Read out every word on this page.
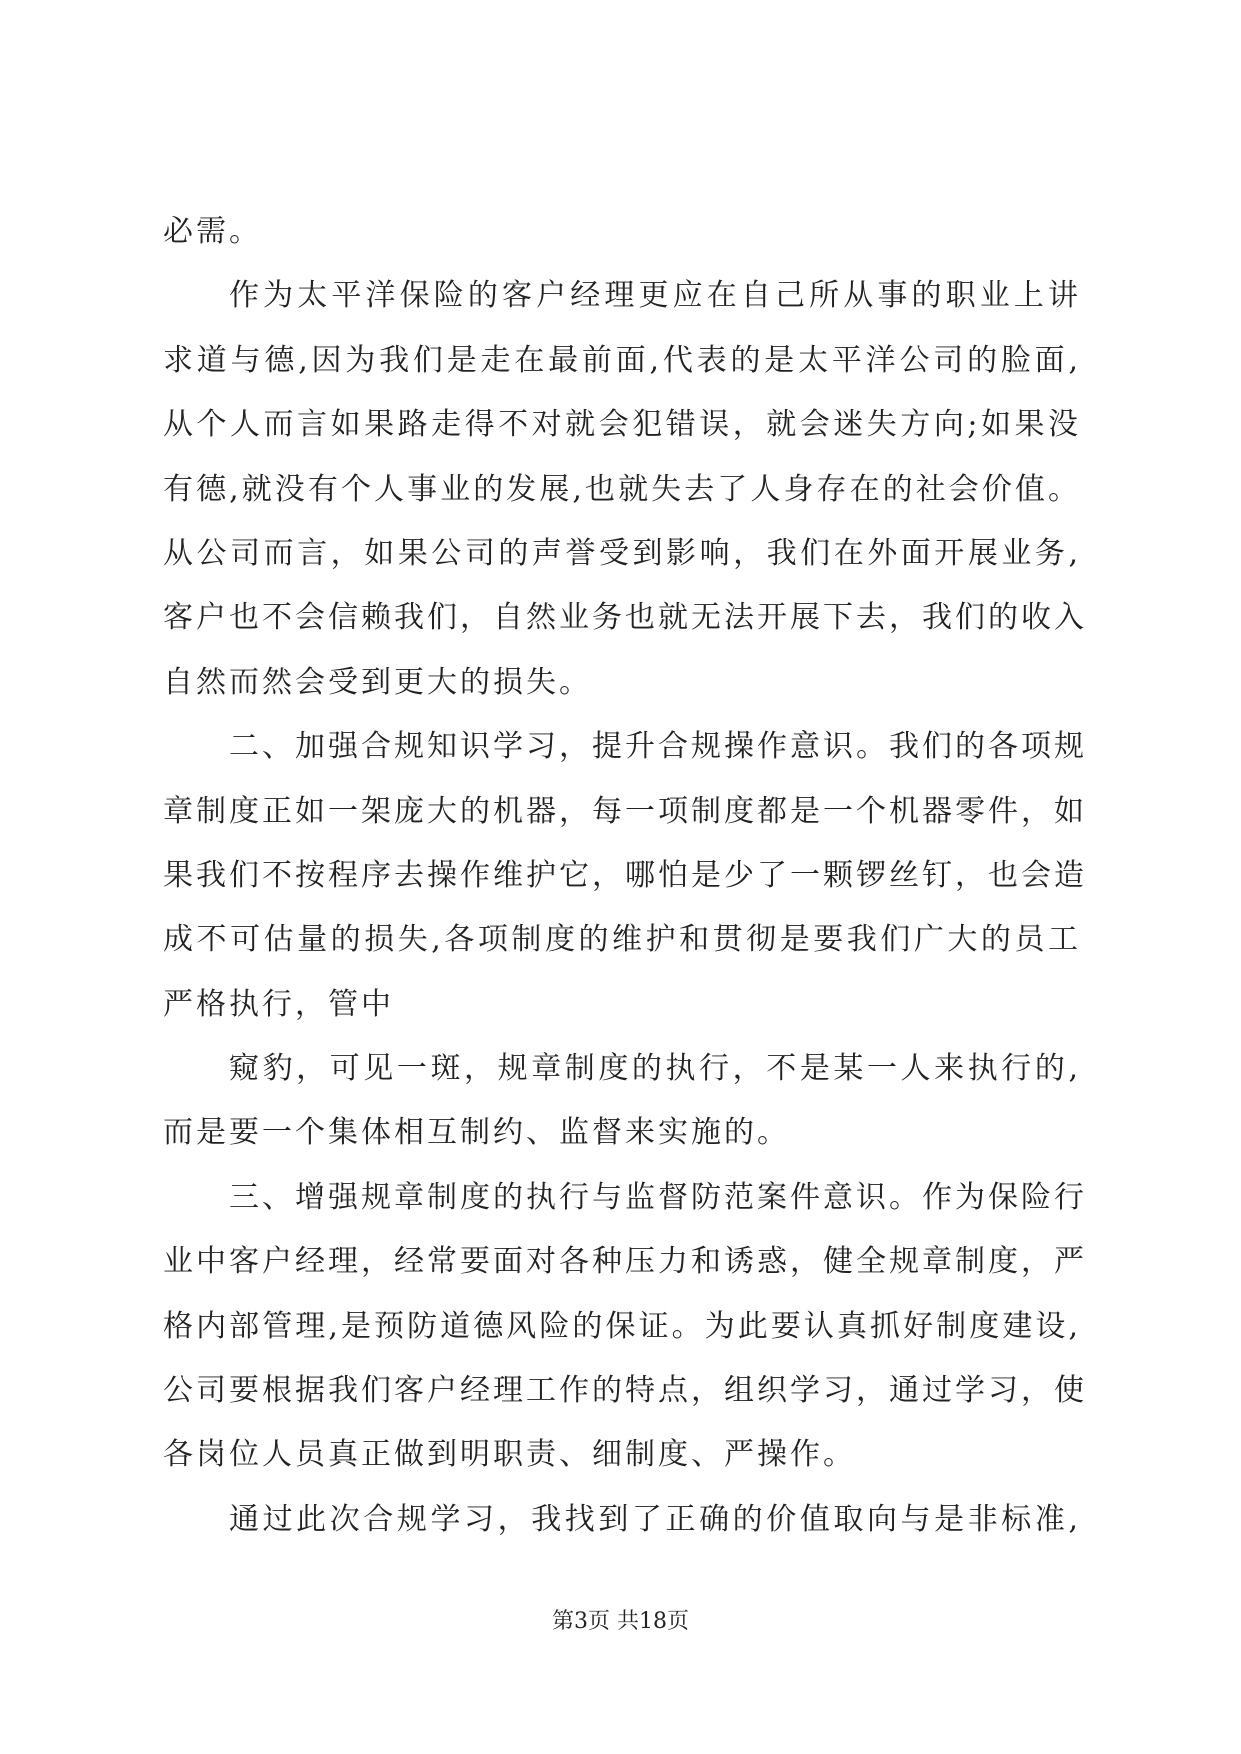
必需。
作为太平洋保险的客户经理更应在自己所从事的职业上讲
求道与德,因为我们是走在最前面,代表的是太平洋公司的脸面,
从个人而言如果路走得不对就会犯错误，就会迷失方向;如果没
有德,就没有个人事业的发展,也就失去了人身存在的社会价值。
从公司而言，如果公司的声誉受到影响，我们在外面开展业务,
客户也不会信赖我们，自然业务也就无法开展下去，我们的收入
自然而然会受到更大的损失。
二、加强合规知识学习，提升合规操作意识。我们的各项规
章制度正如一架庞大的机器，每一项制度都是一个机器零件，如
果我们不按程序去操作维护它，哪怕是少了一颗锣丝钉，也会造
成不可估量的损失,各项制度的维护和贯彻是要我们广大的员工
严格执行，管中
窥豹，可见一斑，规章制度的执行，不是某一人来执行的,
而是要一个集体相互制约、监督来实施的。
三、增强规章制度的执行与监督防范案件意识。作为保险行
业中客户经理，经常要面对各种压力和诱惑，健全规章制度，严
格内部管理,是预防道德风险的保证。为此要认真抓好制度建设,
公司要根据我们客户经理工作的特点，组织学习，通过学习，使
各岗位人员真正做到明职责、细制度、严操作。
通过此次合规学习，我找到了正确的价值取向与是非标准,
第3页 共18页
